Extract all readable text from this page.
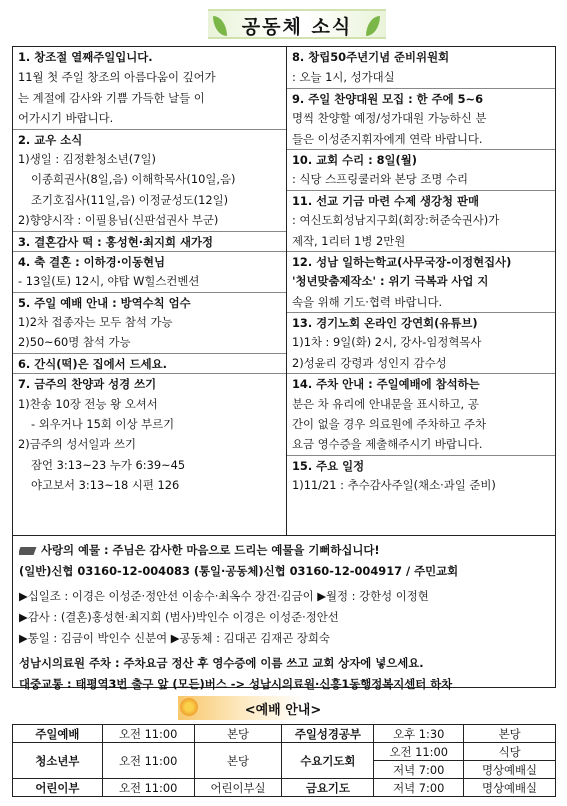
공동체 소식
1. 창조절 열째주일입니다.
11월 첫 주일 창조의 아름다움이 깊어가
는 계절에 감사와 기쁨 가득한 날들 이
어가시기 바랍니다.
2. 교우 소식
1)생일 : 김정환청소년(7일)
이종희권사(8일,음) 이해학목사(10일,음)
조기호집사(11일,음) 이정균성도(12일)
2)향양시작 : 이필용님(신판섭권사 부군)
3. 결혼감사 떡 : 홍성현·최지희 새가정
4. 축 결혼 : 이하경·이동현님
- 13일(토) 12시, 야탑 W힐스컨벤션
5. 주일 예배 안내 : 방역수칙 엄수
1)2차 접종자는 모두 참석 가능
2)50~60명 참석 가능
6. 간식(떡)은 집에서 드세요.
7. 금주의 찬양과 성경 쓰기
1)찬송 10장 전능 왕 오셔서
- 외우거나 15회 이상 부르기
2)금주의 성서일과 쓰기
잠언 3:13~23 누가 6:39~45
야고보서 3:13~18 시편 126
8. 창립50주년기념 준비위원회
: 오늘 1시, 성가대실
9. 주일 찬양대원 모집 : 한 주에 5~6
명씩 찬양할 예정/성가대원 가능하신 분
들은 이성준지휘자에게 연락 바랍니다.
10. 교회 수리 : 8일(월)
: 식당 스프링쿨러와 본당 조명 수리
11. 선교 기금 마련 수제 생강청 판매
: 여신도회성남지구회(회장:허준숙권사)가
제작, 1리터 1병 2만원
12. 성남 일하는학교(사무국장-이정현집사)
'청년맞춤제작소' : 위기 극복과 사업 지
속을 위해 기도·협력 바랍니다.
13. 경기노회 온라인 강연회(유튜브)
1)1차 : 9일(화) 2시, 강사-임정혁목사
2)성윤리 강령과 성인지 감수성
14. 주차 안내 : 주일예배에 참석하는
분은 차 유리에 안내문을 표시하고, 공
간이 없을 경우 의료원에 주차하고 주차
요금 영수증을 제출해주시기 바랍니다.
15. 주요 일정
1)11/21 : 추수감사주일(채소·과일 준비)
사랑의 예물 : 주님은 감사한 마음으로 드리는 예물을 기뻐하십니다!
(일반)신협 03160-12-004083 (통일·공동체)신협 03160-12-004917 / 주민교회
▶십일조 : 이경은 이성준·정안선 이송수·최옥수 장건·김금이 ▶월정 : 강한성 이정현
▶감사 : (결혼)홍성현·최지희 (범사)박인수 이경은 이성준·정안선
▶통일 : 김금이 박인수 신분여 ▶공동체 : 김대곤 김재곤 장희숙
성남시의료원 주차 : 주차요금 정산 후 영수증에 이름 쓰고 교회 상자에 넣으세요.
대중교통 : 태평역3번 출구 앞 (모든)버스 -> 성남시의료원·신흥1동행정복지센터 하차
<예배 안내>
주일예배	오전 11:00	본당	주일성경공부	오후 1:30	본당
청소년부	오전 11:00	본당	수요기도회	오전 11:00	식당
				저녁 7:00	명상예배실
어린이부	오전 11:00	어린이부실	금요기도	저녁 7:00	명상예배실
